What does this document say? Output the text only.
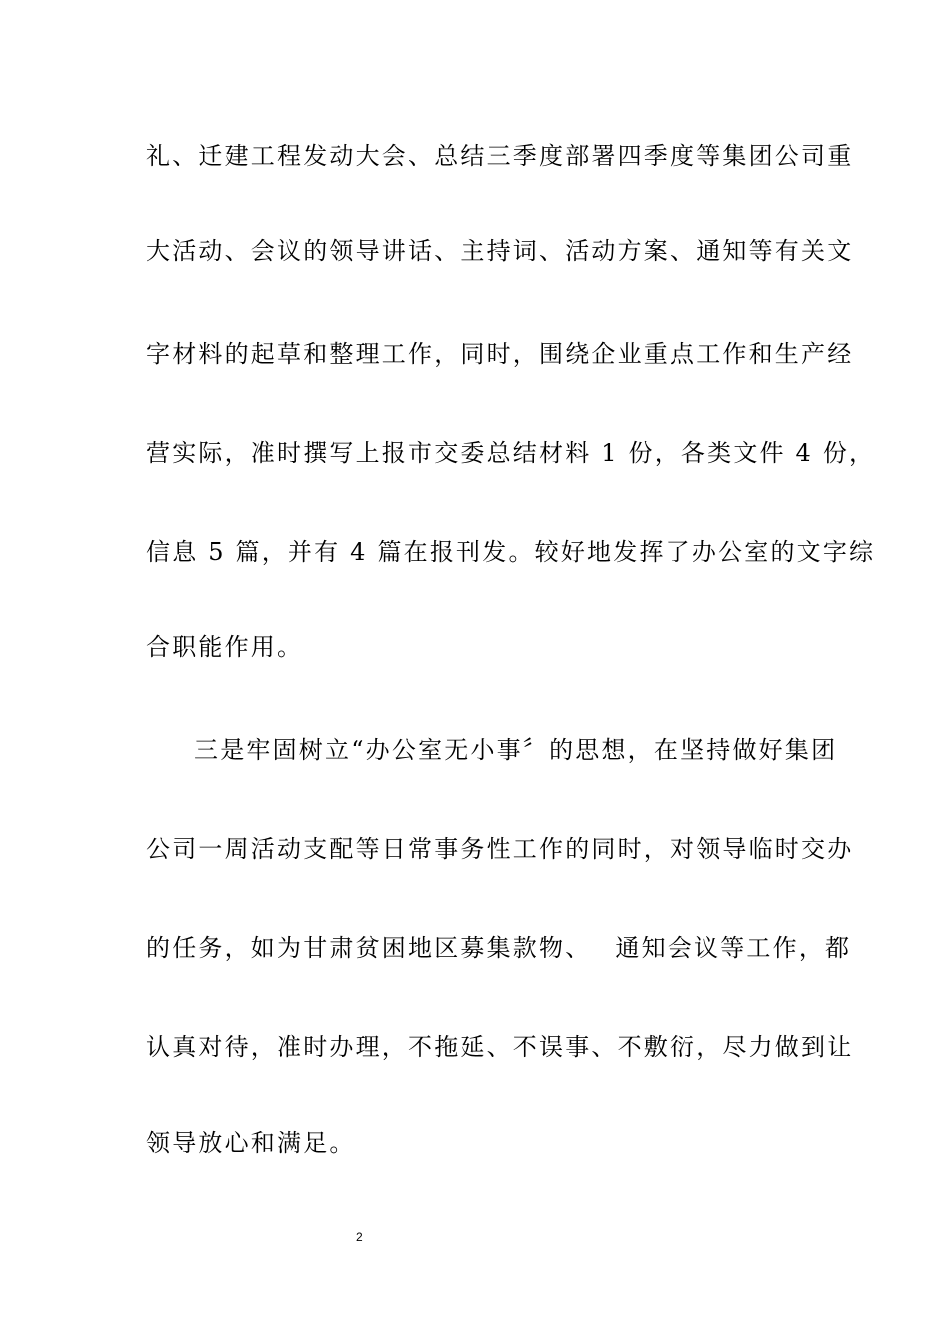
礼、迁建工程发动大会、总结三季度部署四季度等集团公司重
大活动、会议的领导讲话、主持词、活动方案、通知等有关文
字材料的起草和整理工作，同时，围绕企业重点工作和生产经
营实际，准时撰写上报市交委总结材料 1 份，各类文件 4 份，
信息 5 篇，并有 4 篇在报刊发。较好地发挥了办公室的文字综
合职能作用。
三是牢固树立“办公室无小事〞的思想，在坚持做好集团
公司一周活动支配等日常事务性工作的同时，对领导临时交办
的任务，如为甘肃贫困地区募集款物、　 通知会议等工作，都
认真对待，准时办理，不拖延、不误事、不敷衍，尽力做到让
领导放心和满足。
2
